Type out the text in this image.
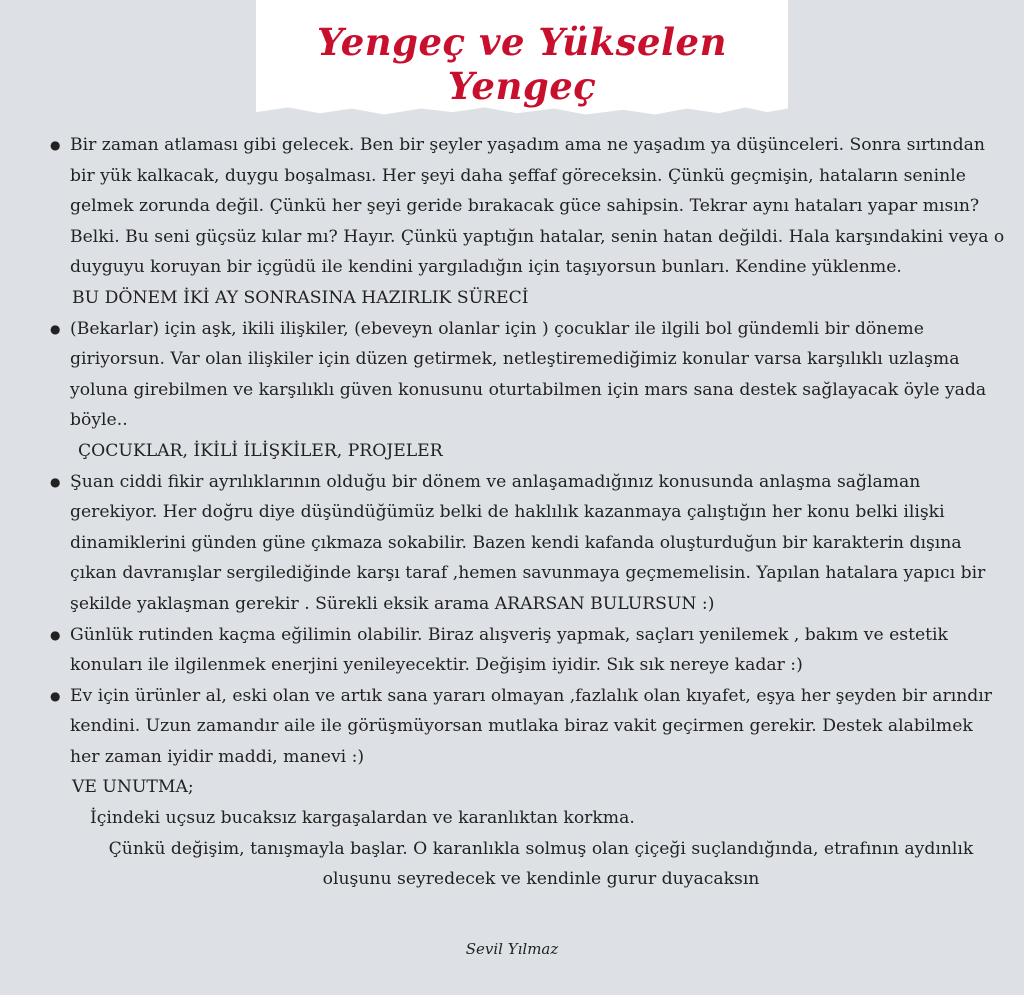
Yengeç ve Yükselen Yengeç
● Bir zaman atlaması gibi gelecek. Ben bir şeyler yaşadım ama ne yaşadım ya düşünceleri. Sonra sırtından bir yük kalkacak, duygu boşalması. Her şeyi daha şeffaf göreceksin. Çünkü geçmişin, hataların seninle gelmek zorunda değil. Çünkü her şeyi geride bırakacak güce sahipsin. Tekrar aynı hataları yapar mısın? Belki. Bu seni güçsüz kılar mı? Hayır. Çünkü yaptığın hatalar, senin hatan değildi. Hala karşındakini veya o duyguyu koruyan bir içgüdü ile kendini yargıladığın için taşıyorsun bunları. Kendine yüklenme.
BU DÖNEM İKİ AY SONRASINA HAZIRLIK SÜRECİ
● (Bekarlar) için aşk, ikili ilişkiler, (ebeveyn olanlar için ) çocuklar ile ilgili bol gündemli bir döneme giriyorsun. Var olan ilişkiler için düzen getirmek, netleştiremediğimiz konular varsa karşılıklı uzlaşma yoluna girebilmen ve karşılıklı güven konusunu oturtabilmen için mars sana destek sağlayacak öyle yada böyle..
ÇOCUKLAR, İKİLİ İLİŞKİLER, PROJELER
● Şuan ciddi fikir ayrılıklarının olduğu bir dönem ve anlaşamadığınız konusunda anlaşma sağlaman gerekiyor. Her doğru diye düşündüğümüz belki de haklılık kazanmaya çalıştığın her konu belki ilişki dinamiklerini günden güne çıkmaza sokabilir. Bazen kendi kafanda oluşturduğun bir karakterin dışına çıkan davranışlar sergilediğinde karşı taraf ,hemen savunmaya geçmemelisin. Yapılan hatalara yapıcı bir şekilde yaklaşman gerekir . Sürekli eksik arama ARARSAN BULURSUN :)
● Günlük rutinden kaçma eğilimin olabilir. Biraz alışveriş yapmak, saçları yenilemek , bakım ve estetik konuları ile ilgilenmek enerjini yenileyecektir. Değişim iyidir. Sık sık nereye kadar :)
● Ev için ürünler al, eski olan ve artık sana yararı olmayan ,fazlalık olan kıyafet, eşya her şeyden bir arındır kendini. Uzun zamandır aile ile görüşmüyorsan mutlaka biraz vakit geçirmen gerekir. Destek alabilmek her zaman iyidir maddi, manevi :)
VE UNUTMA;
İçindeki uçsuz bucaksız kargaşalardan ve karanlıktan korkma.
Çünkü değişim, tanışmayla başlar. O karanlıkla solmuş olan çiçeği suçlandığında, etrafının aydınlık oluşunu seyredecek ve kendinle gurur duyacaksın
Sevil Yılmaz
